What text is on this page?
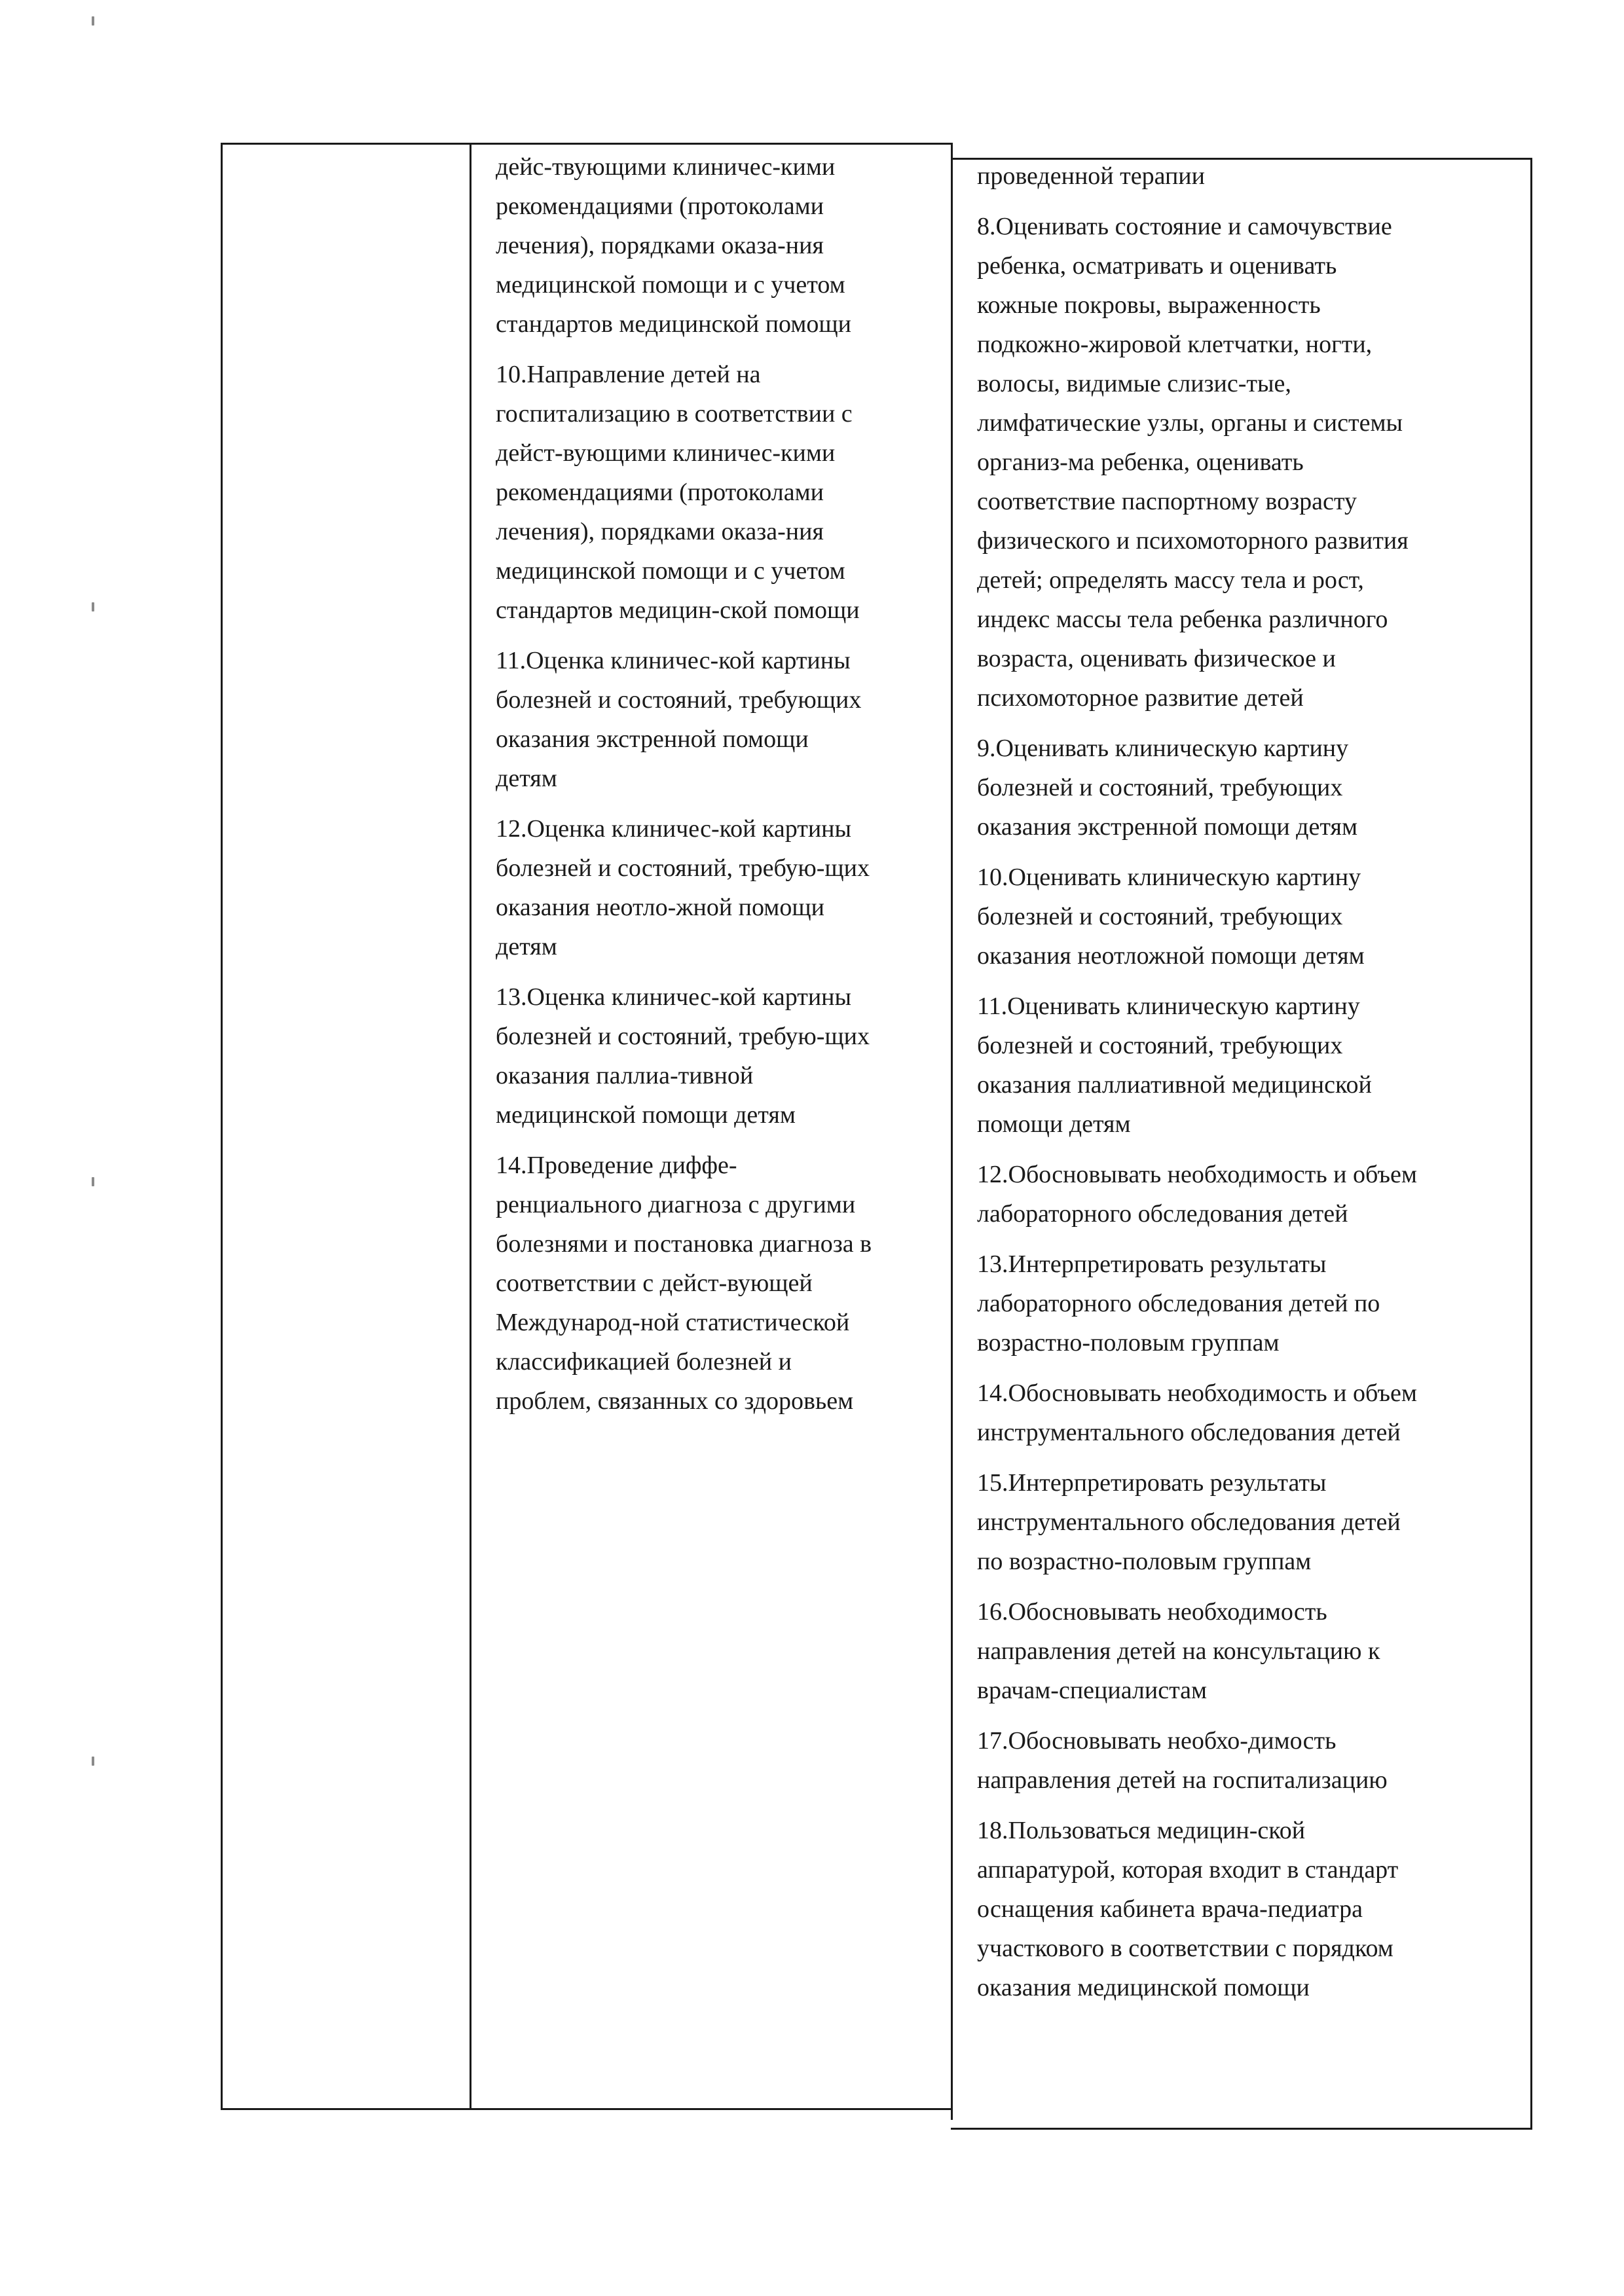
дейс-твующими клиничес-кими
рекомендациями (протоколами
лечения), порядками оказа-ния
медицинской помощи и с учетом
стандартов медицинской помощи

10.Направление детей на
госпитализацию в соответствии с
дейст-вующими клиничес-кими
рекомендациями (протоколами
лечения), порядками оказа-ния
медицинской помощи и с учетом
стандартов медицин-ской помощи

11.Оценка клиничес-кой картины
болезней и состояний, требующих
оказания экстренной помощи
детям

12.Оценка клиничес-кой картины
болезней и состояний, требую-щих
оказания неотло-жной помощи
детям

13.Оценка клиничес-кой картины
болезней и состояний, требую-щих
оказания паллиа-тивной
медицинской помощи детям

14.Проведение диффе-
ренциального диагноза с другими
болезнями и постановка диагноза в
соответствии с дейст-вующей
Международ-ной статистической
классификацией болезней и
проблем, связанных со здоровьем

проведенной терапии

8.Оценивать состояние и самочувствие
ребенка, осматривать и оценивать
кожные покровы, выраженность
подкожно-жировой клетчатки, ногти,
волосы, видимые слизис-тые,
лимфатические узлы, органы и системы
организ-ма ребенка, оценивать
соответствие паспортному возрасту
физического и психомоторного развития
детей; определять массу тела и рост,
индекс массы тела ребенка различного
возраста, оценивать физическое и
психомоторное развитие детей

9.Оценивать клиническую картину
болезней и состояний, требующих
оказания экстренной помощи детям

10.Оценивать клиническую картину
болезней и состояний, требующих
оказания неотложной помощи детям

11.Оценивать клиническую картину
болезней и состояний, требующих
оказания паллиативной медицинской
помощи детям

12.Обосновывать необходимость и объем
лабораторного обследования детей

13.Интерпретировать результаты
лабораторного обследования детей по
возрастно-половым группам

14.Обосновывать необходимость и объем
инструментального обследования детей

15.Интерпретировать результаты
инструментального обследования детей
по возрастно-половым группам

16.Обосновывать необходимость
направления детей на консультацию к
врачам-специалистам

17.Обосновывать необхо-димость
направления детей на госпитализацию

18.Пользоваться медицин-ской
аппаратурой, которая входит в стандарт
оснащения кабинета врача-педиатра
участкового в соответствии с порядком
оказания медицинской помощи
